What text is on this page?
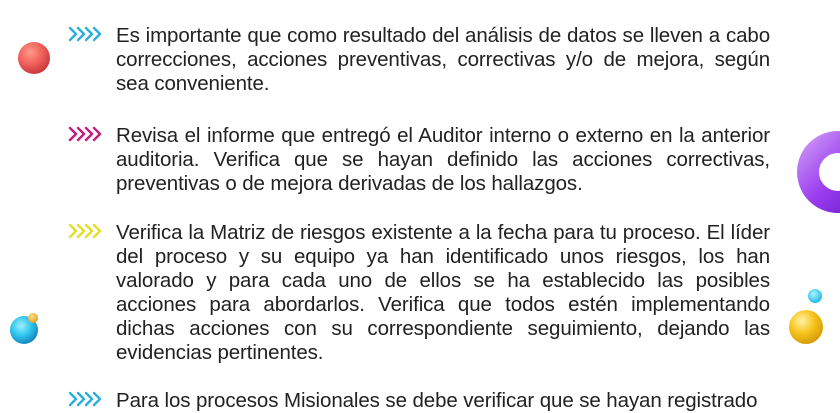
Es importante que como resultado del análisis de datos se lleven a cabo correcciones, acciones preventivas, correctivas y/o de mejora, según sea conveniente.

Revisa el informe que entregó el Auditor interno o externo en la anterior auditoria. Verifica que se hayan definido las acciones correctivas, preventivas o de mejora derivadas de los hallazgos.

Verifica la Matriz de riesgos existente a la fecha para tu proceso. El líder del proceso y su equipo ya han identificado unos riesgos, los han valorado y para cada uno de ellos se ha establecido las posibles acciones para abordarlos. Verifica que todos estén implementando dichas acciones con su correspondiente seguimiento, dejando las evidencias pertinentes.

Para los procesos Misionales se debe verificar que se hayan registrado
